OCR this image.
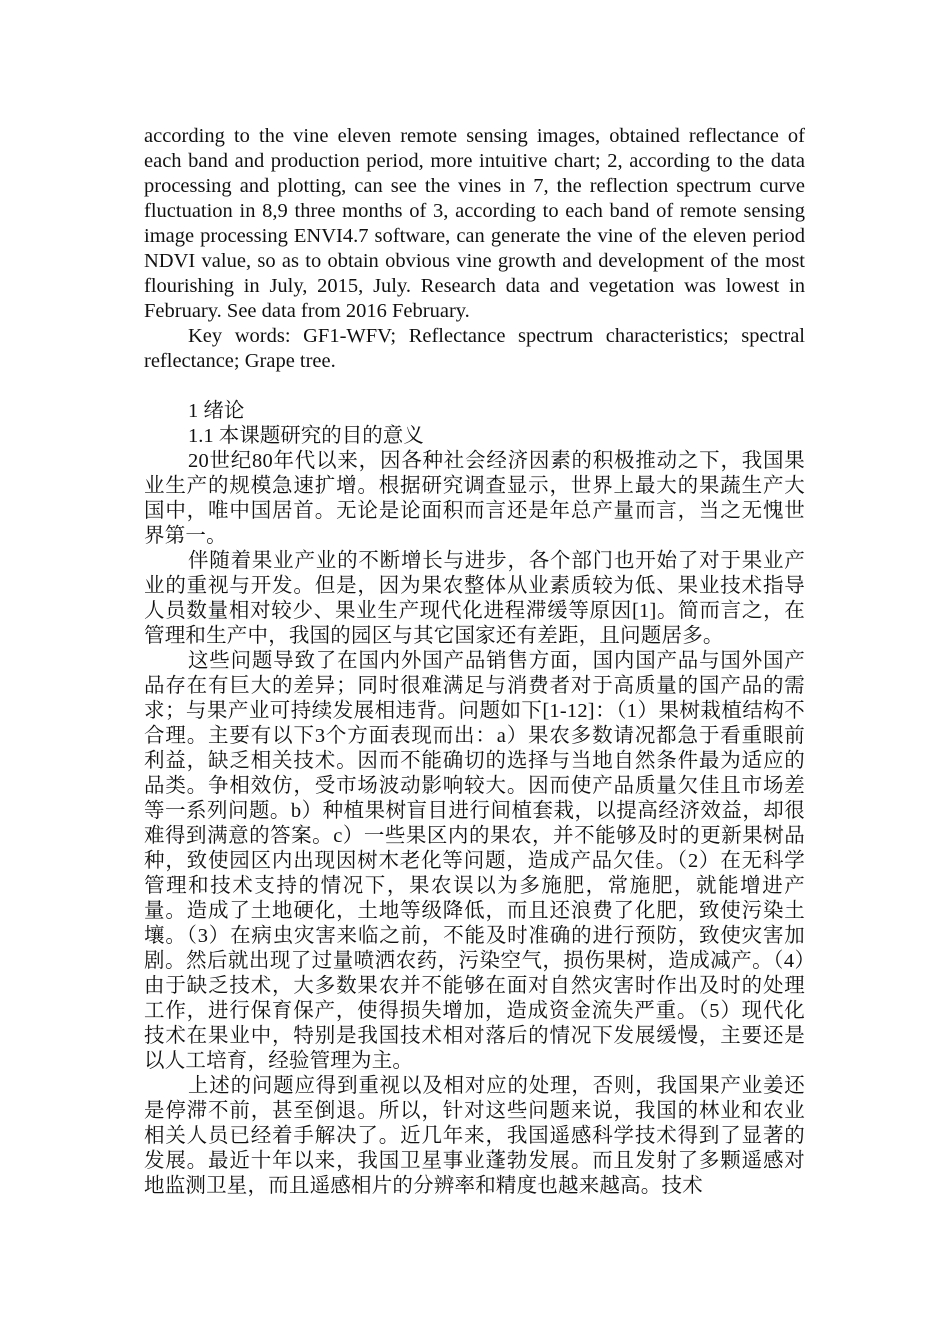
according to the vine eleven remote sensing images, obtained reflectance of each band and production period, more intuitive chart; 2, according to the data processing and plotting, can see the vines in 7, the reflection spectrum curve fluctuation in 8,9 three months of 3, according to each band of remote sensing image processing ENVI4.7 software, can generate the vine of the eleven period NDVI value, so as to obtain obvious vine growth and development of the most flourishing in July, 2015, July. Research data and vegetation was lowest in February. See data from 2016 February.

Key words: GF1-WFV; Reflectance spectrum characteristics; spectral reflectance; Grape tree.

1 绪论

1.1 本课题研究的目的意义

20世纪80年代以来，因各种社会经济因素的积极推动之下，我国果业生产的规模急速扩增。根据研究调查显示，世界上最大的果蔬生产大国中，唯中国居首。无论是论面积而言还是年总产量而言，当之无愧世界第一。

伴随着果业产业的不断增长与进步，各个部门也开始了对于果业产业的重视与开发。但是，因为果农整体从业素质较为低、果业技术指导人员数量相对较少、果业生产现代化进程滞缓等原因[1]。简而言之，在管理和生产中，我国的园区与其它国家还有差距，且问题居多。

这些问题导致了在国内外国产品销售方面，国内国产品与国外国产品存在有巨大的差异；同时很难满足与消费者对于高质量的国产品的需求；与果产业可持续发展相违背。问题如下[1-12]：（1）果树栽植结构不合理。主要有以下3个方面表现而出：a）果农多数请况都急于看重眼前利益，缺乏相关技术。因而不能确切的选择与当地自然条件最为适应的品类。争相效仿，受市场波动影响较大。因而使产品质量欠佳且市场差等一系列问题。b）种植果树盲目进行间植套栽，以提高经济效益，却很难得到满意的答案。c）一些果区内的果农，并不能够及时的更新果树品种，致使园区内出现因树木老化等问题，造成产品欠佳。（2）在无科学管理和技术支持的情况下，果农误以为多施肥，常施肥，就能增进产量。造成了土地硬化，土地等级降低，而且还浪费了化肥，致使污染土壤。（3）在病虫灾害来临之前，不能及时准确的进行预防，致使灾害加剧。然后就出现了过量喷洒农药，污染空气，损伤果树，造成减产。（4）由于缺乏技术，大多数果农并不能够在面对自然灾害时作出及时的处理工作，进行保育保产，使得损失增加，造成资金流失严重。（5）现代化技术在果业中，特别是我国技术相对落后的情况下发展缓慢，主要还是以人工培育，经验管理为主。

上述的问题应得到重视以及相对应的处理，否则，我国果产业姜还是停滞不前，甚至倒退。所以，针对这些问题来说，我国的林业和农业相关人员已经着手解决了。近几年来，我国遥感科学技术得到了显著的发展。最近十年以来，我国卫星事业蓬勃发展。而且发射了多颗遥感对地监测卫星，而且遥感相片的分辨率和精度也越来越高。技术
